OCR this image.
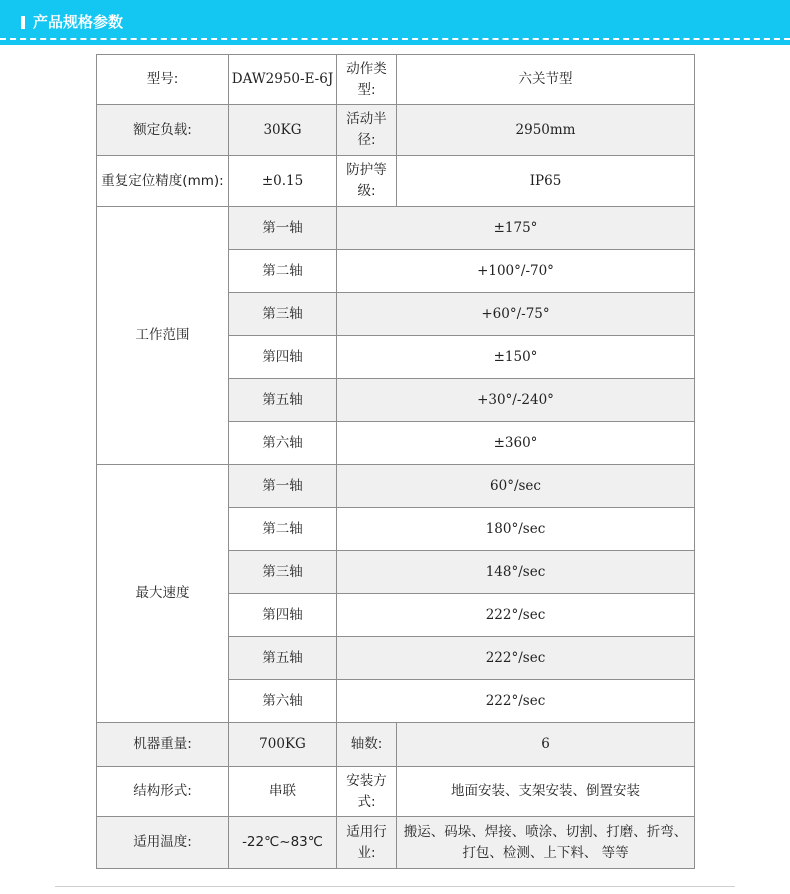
产品规格参数
型号:	DAW2950-E-6J	动作类型:	六关节型
额定负载:	30KG	活动半径:	2950mm
重复定位精度(mm):	±0.15	防护等级:	IP65
工作范围	第一轴	±175°	
	第二轴	+100°/-70°	
	第三轴	+60°/-75°	
	第四轴	±150°	
	第五轴	+30°/-240°	
	第六轴	±360°	
最大速度	第一轴	60°/sec	
	第二轴	180°/sec	
	第三轴	148°/sec	
	第四轴	222°/sec	
	第五轴	222°/sec	
	第六轴	222°/sec	
机器重量:	700KG	轴数:	6
结构形式:	串联	安装方式:	地面安装、支架安装、倒置安装
适用温度:	-22℃~83℃	适用行业:	搬运、码垛、焊接、喷涂、切割、打磨、折弯、打包、检测、上下料、 等等
